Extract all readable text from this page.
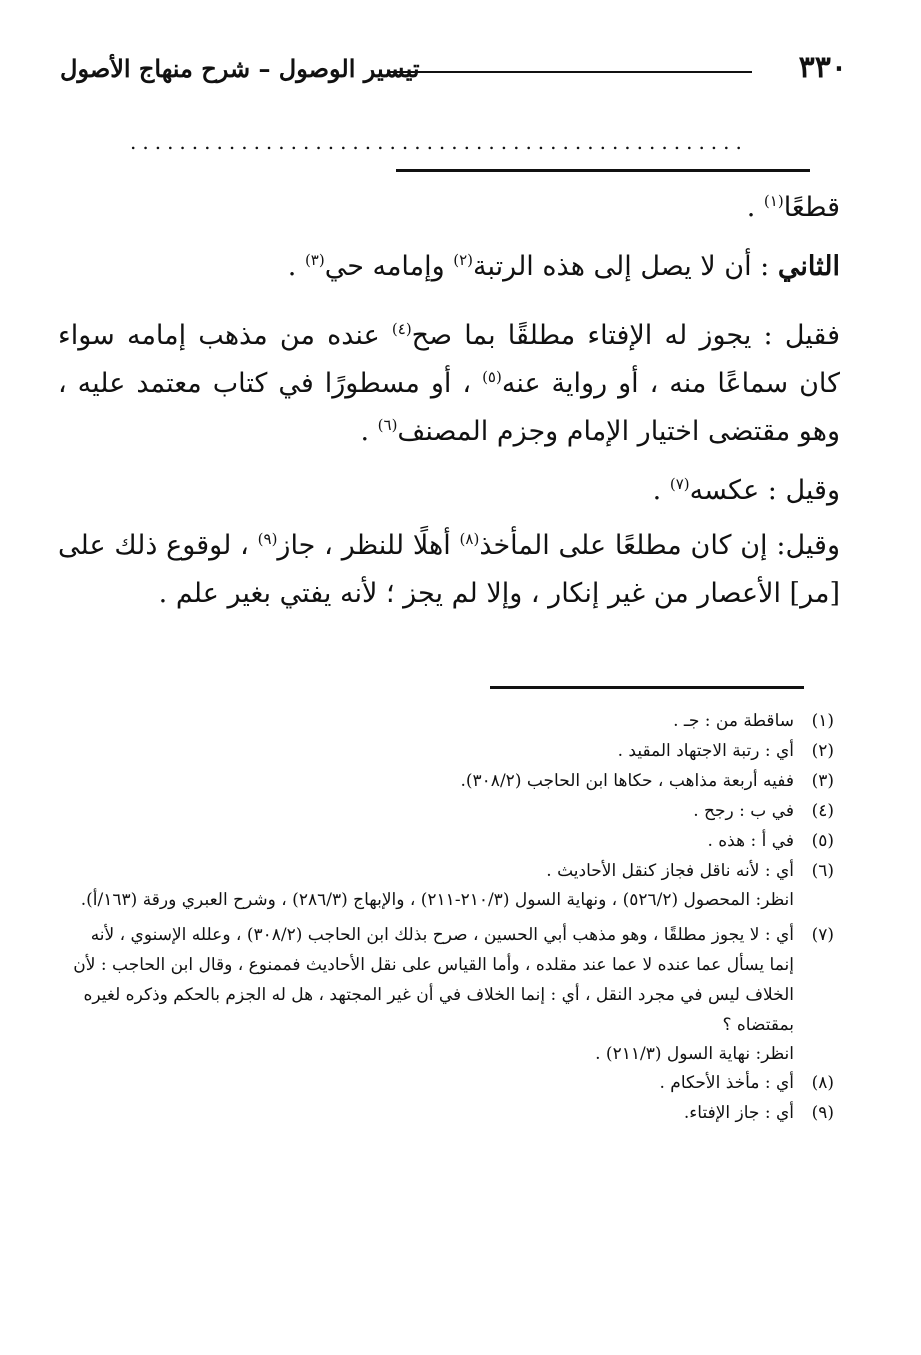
٣٣٠
تيسير الوصول – شرح منهاج الأصول
..................................................
قطعًا$^{(١)}$ .
الثاني : أن لا يصل إلى هذه الرتبة$^{(٢)}$ وإمامه حي$^{(٣)}$ .
فقيل : يجوز له الإفتاء مطلقًا بما صح$^{(٤)}$ عنده من مذهب إمامه سواء كان سماعًا منه ، أو رواية عنه$^{(٥)}$ ، أو مسطورًا في كتاب معتمد عليه ، وهو مقتضى اختيار الإمام وجزم المصنف$^{(٦)}$ .
وقيل : عكسه$^{(٧)}$ .
وقيل: إن كان مطلعًا على المأخذ$^{(٨)}$ أهلًا للنظر ، جاز$^{(٩)}$ ، لوقوع ذلك على [مر] الأعصار من غير إنكار ، وإلا لم يجز ؛ لأنه يفتي بغير علم .
(١)

ساقطة من : جـ .

(٢)

أي : رتبة الاجتهاد المقيد .

(٣)

ففيه أربعة مذاهب ، حكاها ابن الحاجب (٣٠٨/٢).

(٤)

في ب : رجح .

(٥)

في أ : هذه .

(٦)

أي : لأنه ناقل فجاز كنقل الأحاديث .

انظر: المحصول (٥٢٦/٢) ، ونهاية السول (٢١٠/٣-٢١١) ، والإبهاج (٢٨٦/٣) ، وشرح العبري ورقة (١٦٣/أ).
(٧)

أي : لا يجوز مطلقًا ، وهو مذهب أبي الحسين ، صرح بذلك ابن الحاجب (٣٠٨/٢) ، وعلله الإسنوي ، لأنه إنما يسأل عما عنده لا عما عند مقلده ، وأما القياس على نقل الأحاديث فممنوع ، وقال ابن الحاجب : لأن الخلاف ليس في مجرد النقل ، أي : إنما الخلاف في أن غير المجتهد ، هل له الجزم بالحكم وذكره لغيره بمقتضاه ؟

انظر: نهاية السول (٢١١/٣) .
(٨)

أي : مأخذ الأحكام .

(٩)

أي : جاز الإفتاء.
